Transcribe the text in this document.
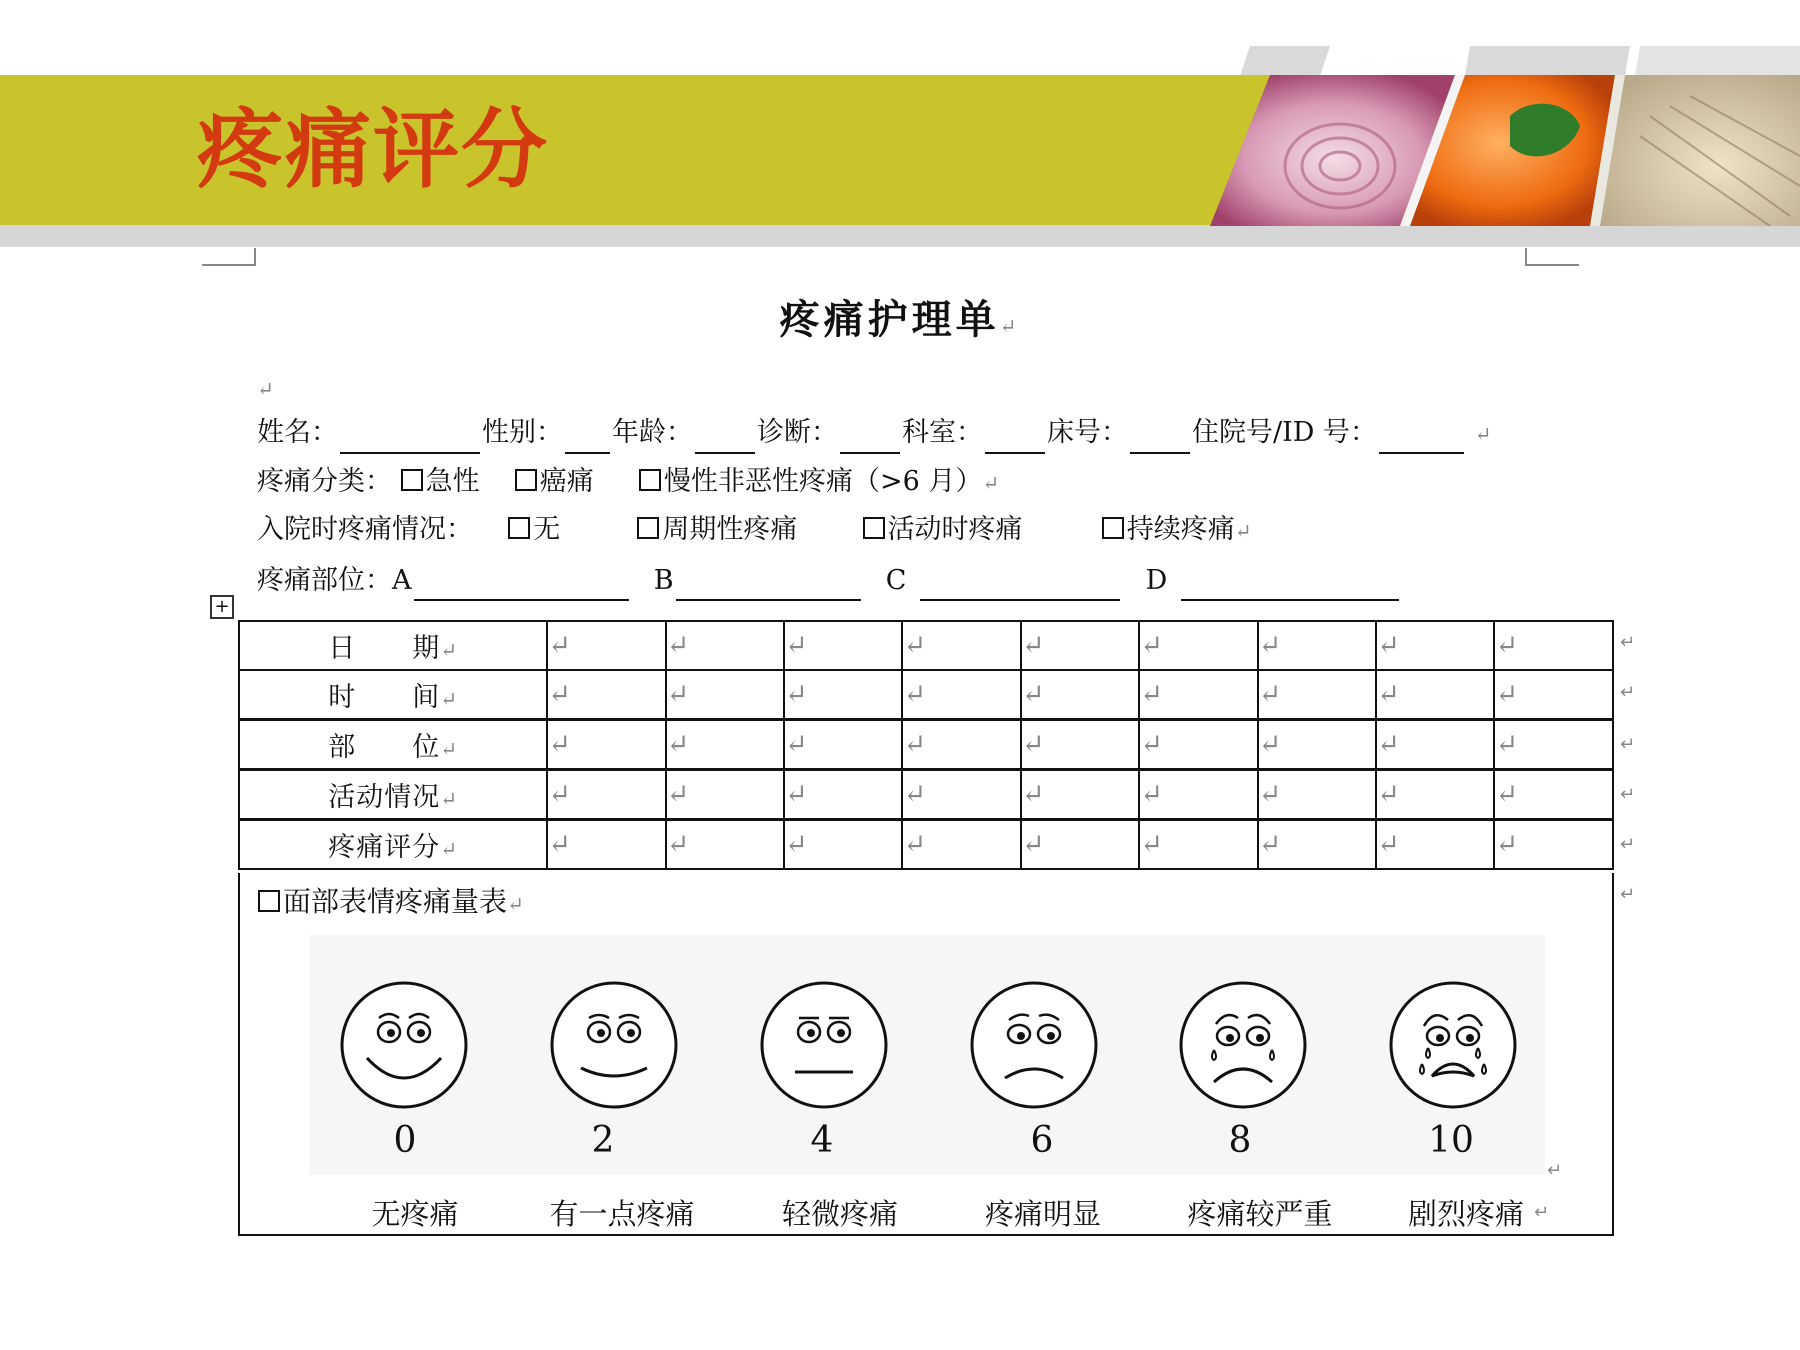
疼痛评分
疼痛护理单↵
↵
姓名：	性别： 年龄： 诊断： 科室： 床号： 住院号/ID 号：	↵
疼痛分类： 急性 癌痛	慢性非恶性疼痛（>6 月）↵
入院时疼痛情况： 无	周期性疼痛	活动时疼痛	持续疼痛↵
疼痛部位：A	B	C	D
+
日　　期↵	↵	↵	↵	↵	↵	↵	↵	↵	↵
时　　间↵	↵	↵	↵	↵	↵	↵	↵	↵	↵
部　　位↵	↵	↵	↵	↵	↵	↵	↵	↵	↵
活动情况↵	↵	↵	↵	↵	↵	↵	↵	↵	↵
疼痛评分↵	↵	↵	↵	↵	↵	↵	↵	↵	↵
↵
↵
↵
↵
↵
↵
面部表情疼痛量表↵
0	2	4	6	8	10
↵
无疼痛	有一点疼痛	轻微疼痛	疼痛明显	疼痛较严重	剧烈疼痛 ↵
